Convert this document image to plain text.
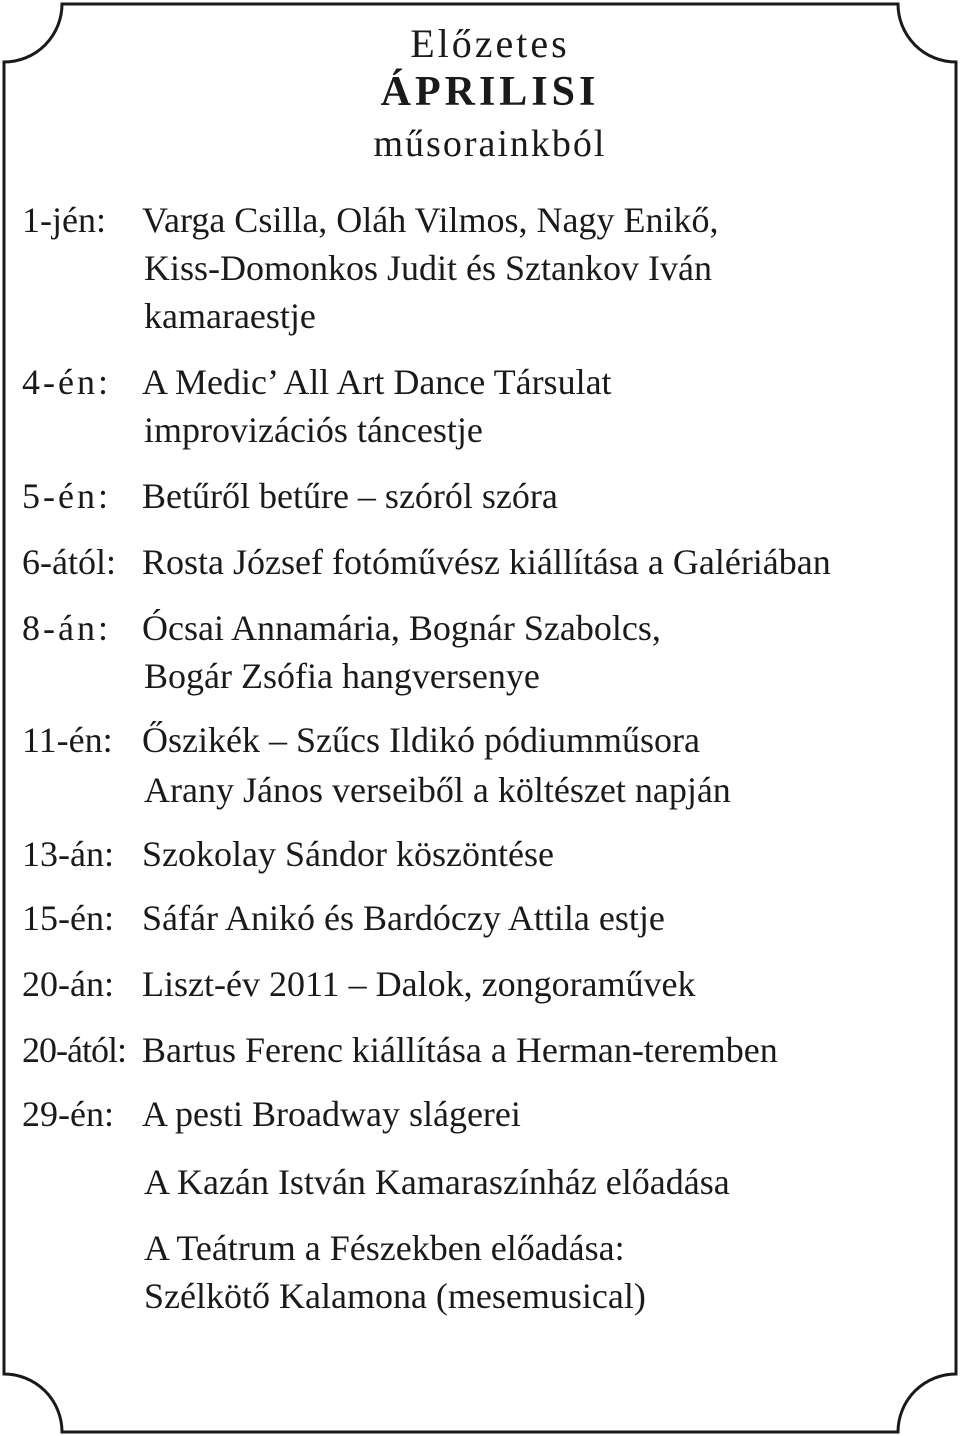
Előzetes
ÁPRILISI
műsorainkból
1-jén: Varga Csilla, Oláh Vilmos, Nagy Enikő,
Kiss-Domonkos Judit és Sztankov Iván
kamaraestje
4-én: A Medic’ All Art Dance Társulat
improvizációs táncestje
5-én: Betűről betűre – szóról szóra
6-ától: Rosta József fotóművész kiállítása a Galériában
8-án: Ócsai Annamária, Bognár Szabolcs,
Bogár Zsófia hangversenye
11-én: Őszikék – Szűcs Ildikó pódiumműsora
Arany János verseiből a költészet napján
13-án: Szokolay Sándor köszöntése
15-én: Sáfár Anikó és Bardóczy Attila estje
20-án: Liszt-év 2011 – Dalok, zongoraművek
20-ától: Bartus Ferenc kiállítása a Herman-teremben
29-én: A pesti Broadway slágerei
A Kazán István Kamaraszínház előadása
A Teátrum a Fészekben előadása:
Szélkötő Kalamona (mesemusical)
